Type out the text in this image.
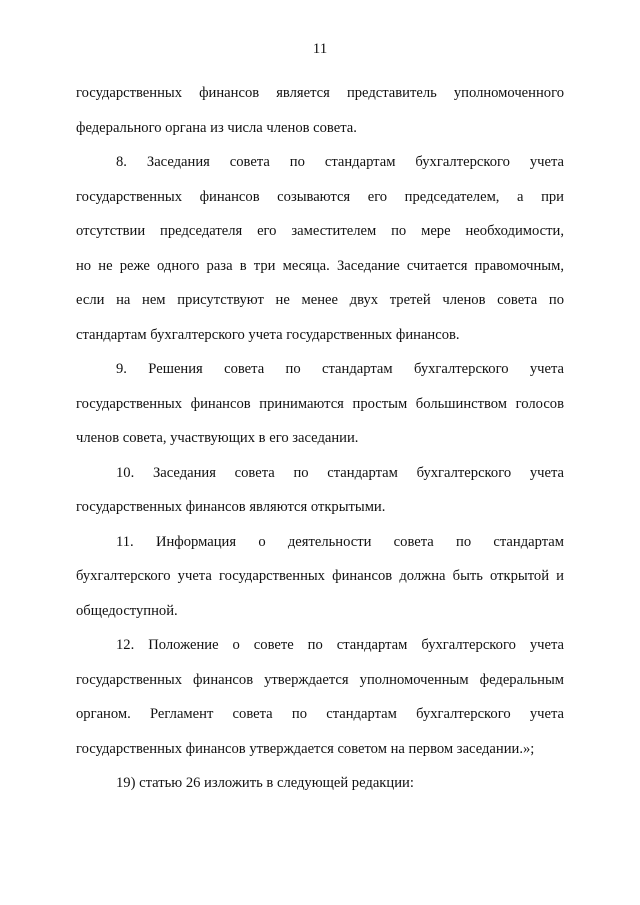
11
государственных финансов является представитель уполномоченного
федерального органа из числа членов совета.
8. Заседания совета по стандартам бухгалтерского учета
государственных финансов созываются его председателем, а при
отсутствии председателя его заместителем по мере необходимости,
но не реже одного раза в три месяца. Заседание считается правомочным,
если на нем присутствуют не менее двух третей членов совета по
стандартам бухгалтерского учета государственных финансов.
9. Решения совета по стандартам бухгалтерского учета
государственных финансов принимаются простым большинством голосов
членов совета, участвующих в его заседании.
10. Заседания совета по стандартам бухгалтерского учета
государственных финансов являются открытыми.
11. Информация о деятельности совета по стандартам
бухгалтерского учета государственных финансов должна быть открытой и
общедоступной.
12. Положение о совете по стандартам бухгалтерского учета
государственных финансов утверждается уполномоченным федеральным
органом. Регламент совета по стандартам бухгалтерского учета
государственных финансов утверждается советом на первом заседании.»;
19) статью 26 изложить в следующей редакции:
